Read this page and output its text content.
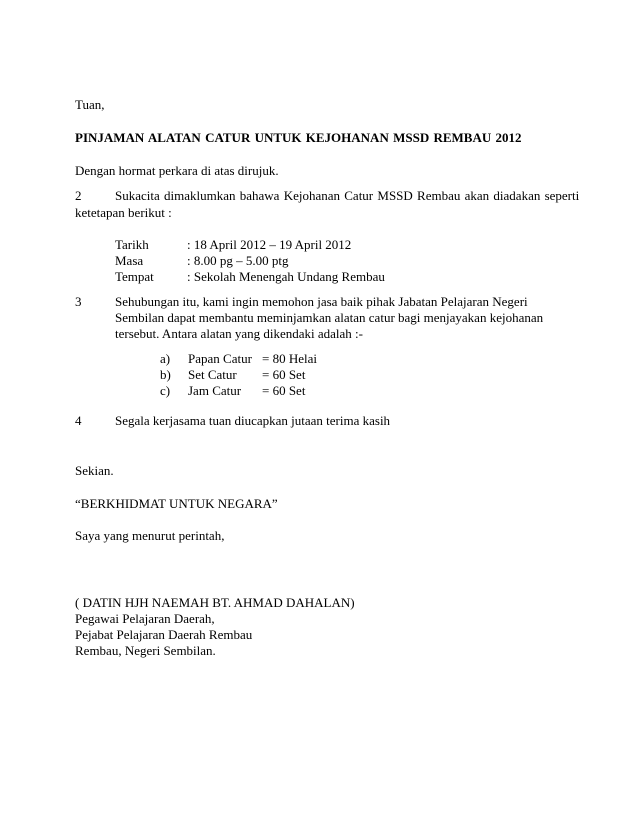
Tuan,
PINJAMAN ALATAN CATUR UNTUK KEJOHANAN MSSD REMBAU 2012
Dengan hormat perkara di atas dirujuk.
2	Sukacita dimaklumkan bahawa Kejohanan Catur MSSD Rembau akan diadakan seperti
ketetapan berikut :
Tarikh	: 18 April 2012 – 19 April 2012
Masa	: 8.00 pg – 5.00 ptg
Tempat	: Sekolah Menengah Undang Rembau
3	Sehubungan itu, kami ingin memohon jasa baik pihak Jabatan Pelajaran Negeri
Sembilan dapat membantu meminjamkan alatan catur bagi menjayakan kejohanan
tersebut. Antara alatan yang dikendaki adalah :-
a) Papan Catur = 80 Helai
b) Set Catur = 60 Set
c) Jam Catur = 60 Set
4	Segala kerjasama tuan diucapkan jutaan terima kasih
Sekian.
“BERKHIDMAT UNTUK NEGARA”
Saya yang menurut perintah,
( DATIN HJH NAEMAH BT. AHMAD DAHALAN)
Pegawai Pelajaran Daerah,
Pejabat Pelajaran Daerah Rembau
Rembau, Negeri Sembilan.
